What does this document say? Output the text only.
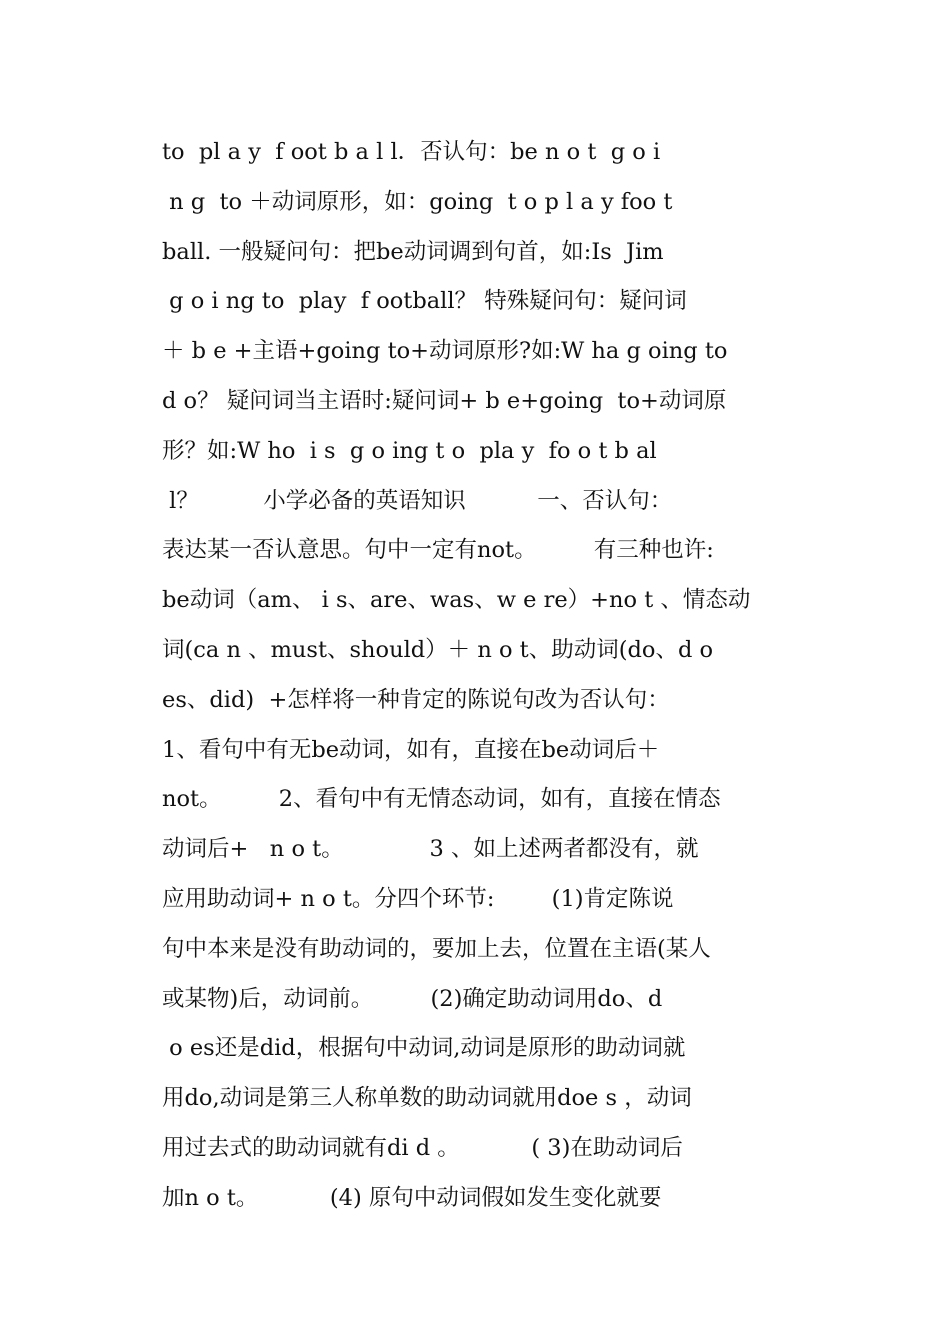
to  pl a y  f oot b a l l．否认句：be n o t  g o i
n g  to ＋动词原形，如：going  t o p l a y foo t
ball. 一般疑问句：把be动词调到句首，如:Is  Jim
g o i ng to  play  f ootball？ 特殊疑问句：疑问词
＋ b e +主语+going to+动词原形?如:W ha g oing to
d o？ 疑问词当主语时:疑问词+ b e+going  to+动词原
形？如:W ho  i s  g o ing t o  pla y  fo o t b al
l？         小学必备的英语知识          一、否认句：
表达某一否认意思。句中一定有not。        有三种也许:
be动词（am、 i s、are、was、w e re）+no t 、情态动
词(ca n 、must、should）＋ n o t、助动词(do、d o
es、did)  +怎样将一种肯定的陈说句改为否认句：
1、看句中有无be动词，如有，直接在be动词后＋
not。        2、看句中有无情态动词，如有，直接在情态
动词后+   n o t。            3 、如上述两者都没有，就
应用助动词+ n o t。分四个环节:        (1)肯定陈说
句中本来是没有助动词的，要加上去，位置在主语(某人
或某物)后，动词前。        (2)确定助动词用do、d
o es还是did，根据句中动词,动词是原形的助动词就
用do,动词是第三人称单数的助动词就用doe s ，动词
用过去式的助动词就有di d 。          ( 3)在助动词后
加n o t。          (4) 原句中动词假如发生变化就要
